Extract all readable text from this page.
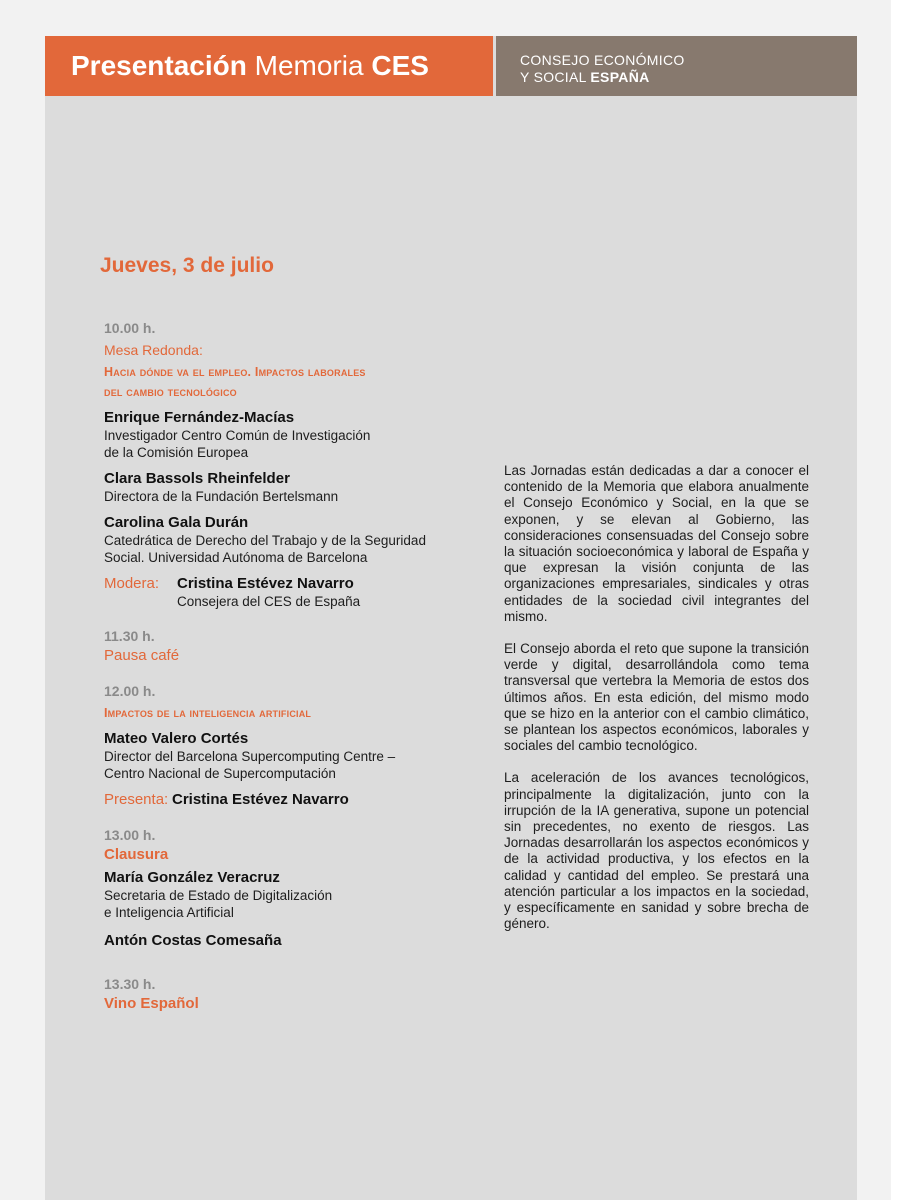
Presentación Memoria CES	CONSEJO ECONÓMICO
Y SOCIAL ESPAÑA
Jueves, 3 de julio
10.00 h.
Mesa Redonda:
Hacia dónde va el empleo. Impactos laborales
del cambio tecnológico
Enrique Fernández-Macías
Investigador Centro Común de Investigación
de la Comisión Europea
Clara Bassols Rheinfelder
Directora de la Fundación Bertelsmann
Carolina Gala Durán
Catedrática de Derecho del Trabajo y de la Seguridad
Social. Universidad Autónoma de Barcelona
Modera:	Cristina Estévez Navarro
Consejera del CES de España
11.30 h.
Pausa café
12.00 h.
Impactos de la inteligencia artificial
Mateo Valero Cortés
Director del Barcelona Supercomputing Centre –
Centro Nacional de Supercomputación
Presenta: Cristina Estévez Navarro
13.00 h.
Clausura
María González Veracruz
Secretaria de Estado de Digitalización
e Inteligencia Artificial
Antón Costas Comesaña
13.30 h.
Vino Español

Las Jornadas están dedicadas a dar a conocer el contenido de la Memoria que elabora anualmente el Consejo Económico y Social, en la que se exponen, y se elevan al Gobierno, las consideraciones consensuadas del Consejo sobre la situación socioeconómica y laboral de España y que expresan la visión conjunta de las organizaciones empresariales, sindicales y otras entidades de la sociedad civil integrantes del mismo.

El Consejo aborda el reto que supone la transición verde y digital, desarrollándola como tema transversal que vertebra la Memoria de estos dos últimos años. En esta edición, del mismo modo que se hizo en la anterior con el cambio climático, se plantean los aspectos económicos, laborales y sociales del cambio tecnológico.

La aceleración de los avances tecnológicos, principalmente la digitalización, junto con la irrupción de la IA generativa, supone un potencial sin precedentes, no exento de riesgos. Las Jornadas desarrollarán los aspectos económicos y de la actividad productiva, y los efectos en la calidad y cantidad del empleo. Se prestará una atención particular a los impactos en la sociedad, y específicamente en sanidad y sobre brecha de género.
